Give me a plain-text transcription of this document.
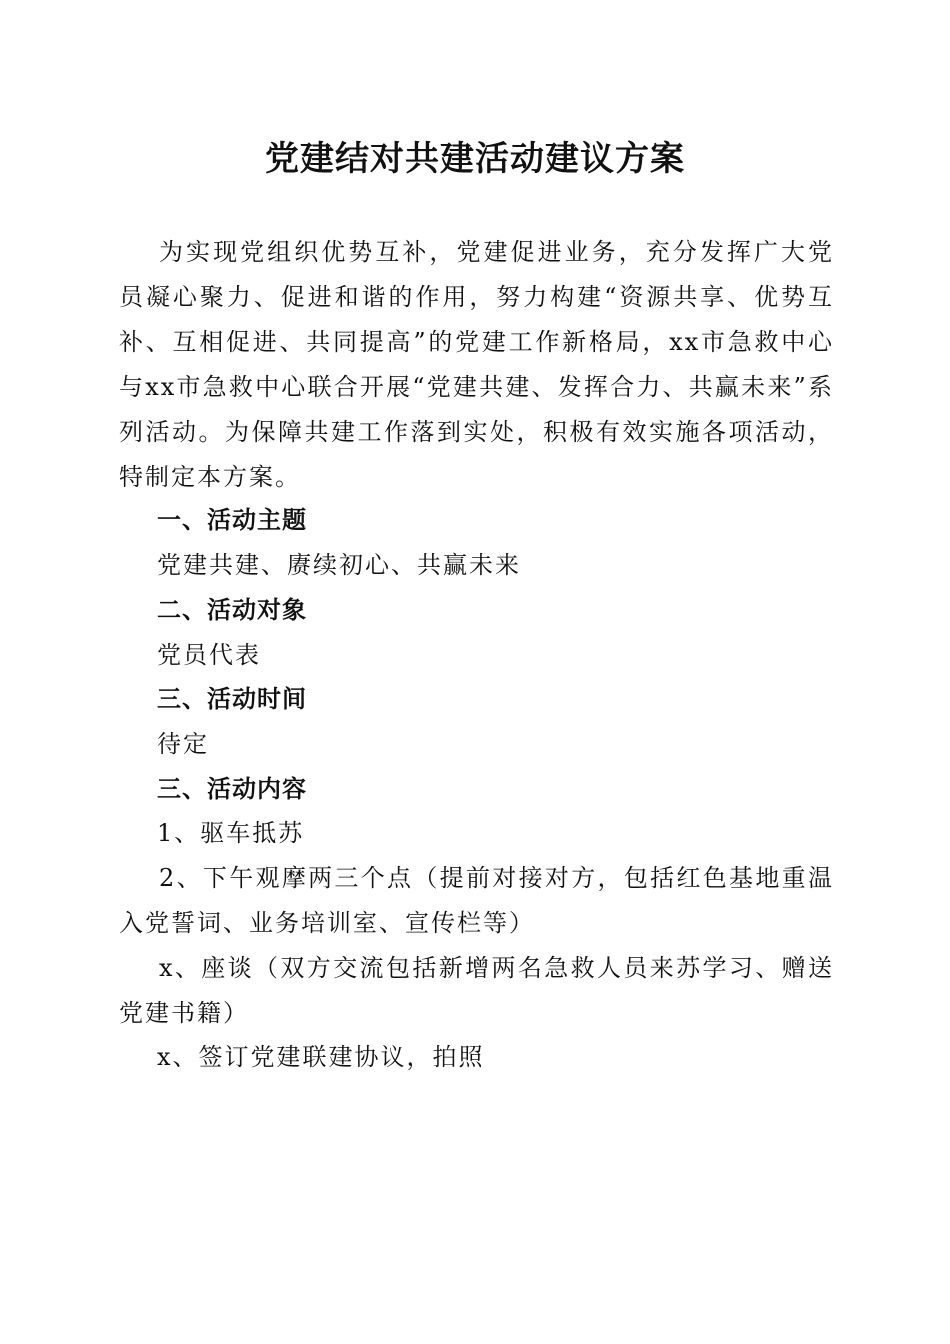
党建结对共建活动建议方案

为实现党组织优势互补，党建促进业务，充分发挥广大党员凝心聚力、促进和谐的作用，努力构建“资源共享、优势互补、互相促进、共同提高”的党建工作新格局，xx市急救中心与xx市急救中心联合开展“党建共建、发挥合力、共赢未来”系列活动。为保障共建工作落到实处，积极有效实施各项活动，特制定本方案。

一、活动主题

党建共建、赓续初心、共赢未来

二、活动对象

党员代表

三、活动时间

待定

三、活动内容

1、驱车抵苏

2、下午观摩两三个点（提前对接对方，包括红色基地重温入党誓词、业务培训室、宣传栏等）

x、座谈（双方交流包括新增两名急救人员来苏学习、赠送党建书籍）

x、签订党建联建协议，拍照
